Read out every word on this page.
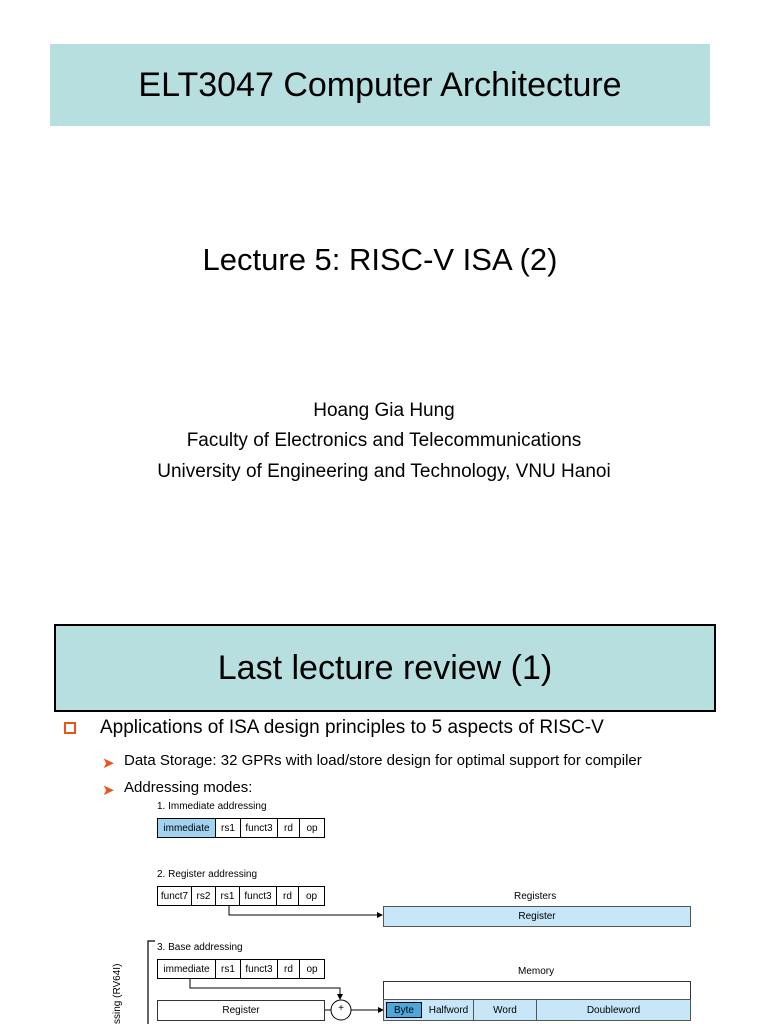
ELT3047 Computer Architecture
Lecture 5: RISC-V ISA (2)
Hoang Gia Hung
Faculty of Electronics and Telecommunications
University of Engineering and Technology, VNU Hanoi
Last lecture review (1)
Applications of ISA design principles to 5 aspects of RISC-V
➤ Data Storage: 32 GPRs with load/store design for optimal support for compiler
➤ Addressing modes:
1. Immediate addressing
immediate	rs1	funct3	rd	op
2. Register addressing
funct7 rs2	rs1 funct3	rd	op	Registers
Register
3. Base addressing
immediate	rs1	funct3	rd	op	Memory
Register	+	Byte	Halfword	Word	Doubleword
ssing (RV64I)
